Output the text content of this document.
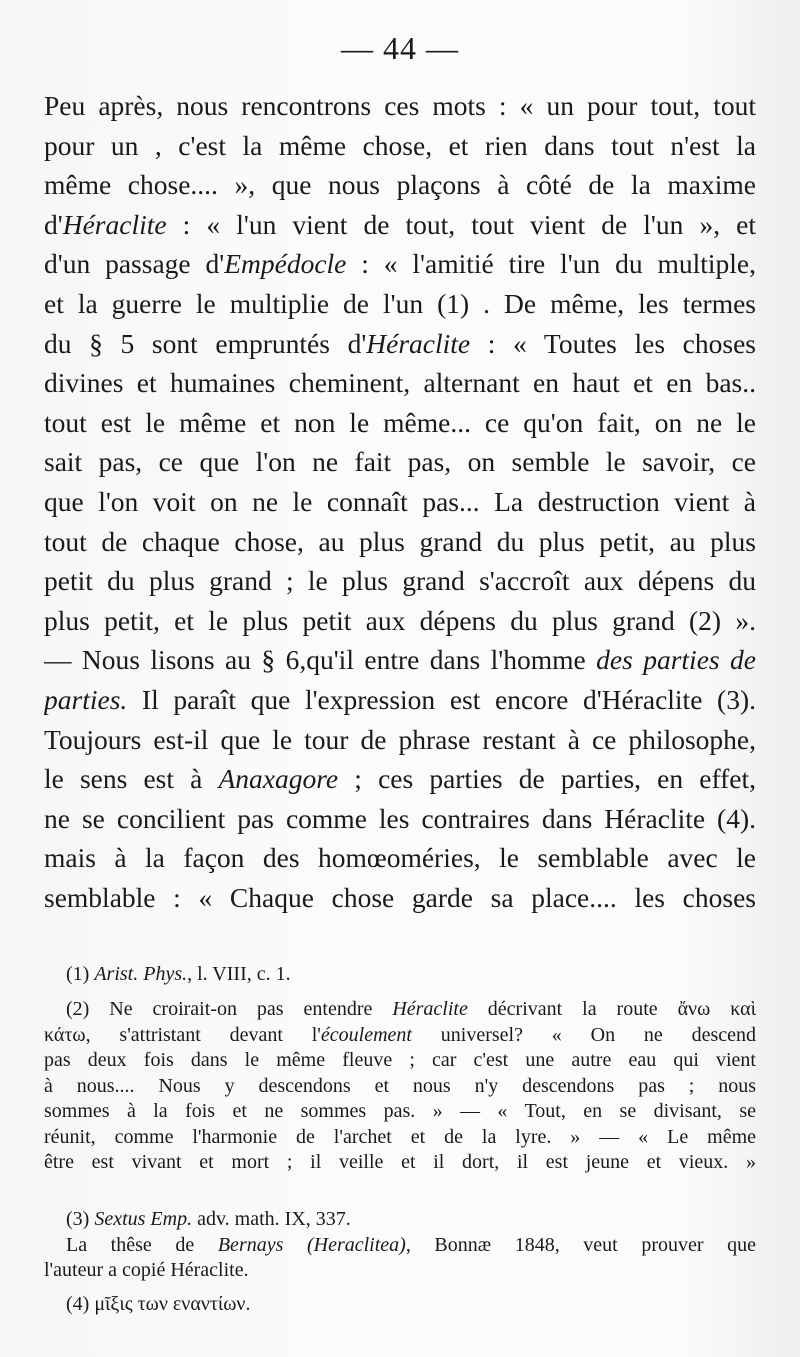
— 44 —
Peu après, nous rencontrons ces mots : « un pour tout, tout
pour un , c'est la même chose, et rien dans tout n'est la
même chose.... », que nous plaçons à côté de la maxime
d'Héraclite : « l'un vient de tout, tout vient de l'un », et
d'un passage d'Empédocle : « l'amitié tire l'un du multiple,
et la guerre le multiplie de l'un (1) . De même, les termes
du § 5 sont empruntés d'Héraclite : « Toutes les choses
divines et humaines cheminent, alternant en haut et en bas..
tout est le même et non le même... ce qu'on fait, on ne le
sait pas, ce que l'on ne fait pas, on semble le savoir, ce
que l'on voit on ne le connaît pas... La destruction vient à
tout de chaque chose, au plus grand du plus petit, au plus
petit du plus grand ; le plus grand s'accroît aux dépens du
plus petit, et le plus petit aux dépens du plus grand (2) ».
— Nous lisons au § 6,qu'il entre dans l'homme des parties de
parties. Il paraît que l'expression est encore d'Héraclite (3).
Toujours est-il que le tour de phrase restant à ce philosophe,
le sens est à Anaxagore ; ces parties de parties, en effet,
ne se concilient pas comme les contraires dans Héraclite (4).
mais à la façon des homœoméries, le semblable avec le
semblable : « Chaque chose garde sa place.... les choses
(1) Arist. Phys., l. VIII, c. 1.
(2) Ne croirait-on pas entendre Héraclite décrivant la route ἄνω καὶ
κάτω, s'attristant devant l'écoulement universel? « On ne descend
pas deux fois dans le même fleuve ; car c'est une autre eau qui vient
à nous.... Nous y descendons et nous n'y descendons pas ; nous
sommes à la fois et ne sommes pas. » — « Tout, en se divisant, se
réunit, comme l'harmonie de l'archet et de la lyre. » — « Le même
être est vivant et mort ; il veille et il dort, il est jeune et vieux. »
(3) Sextus Emp. adv. math. IX, 337.
La thêse de Bernays (Heraclitea), Bonnæ 1848, veut prouver que
l'auteur a copié Héraclite.
(4) μῖξις των εναντίων.
